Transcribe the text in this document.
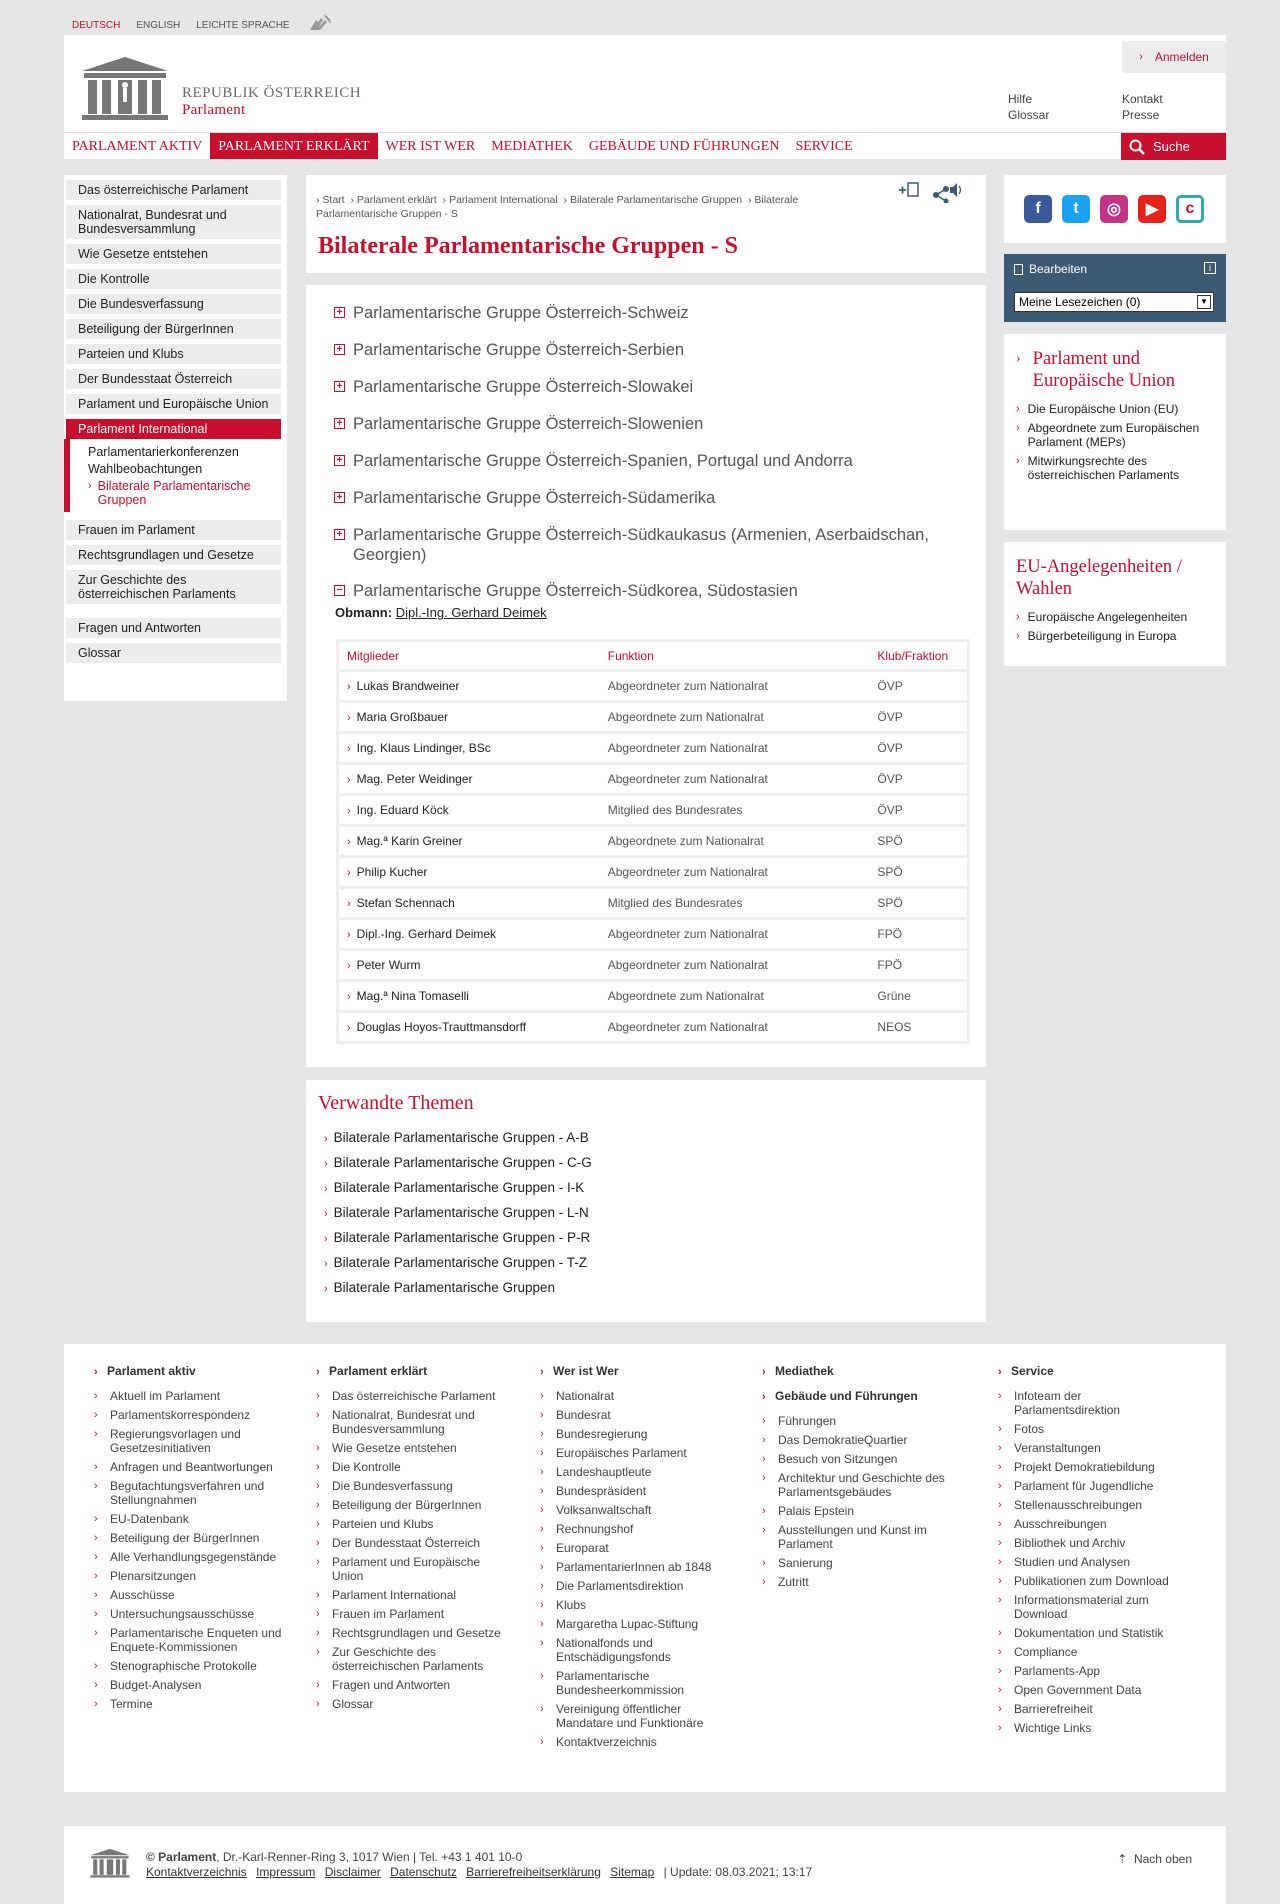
DEUTSCH ENGLISH LEICHTE SPRACHE
REPUBLIK ÖSTERREICH
Parlament
› Anmelden
Hilfe	Kontakt
Glossar	Presse
PARLAMENT AKTIV	PARLAMENT ERKLÄRT	WER IST WER	MEDIATHEK	GEBÄUDE UND FÜHRUNGEN	SERVICE	Suche
Das österreichische Parlament
Nationalrat, Bundesrat und Bundesversammlung
Wie Gesetze entstehen
Die Kontrolle
Die Bundesverfassung
Beteiligung der BürgerInnen
Parteien und Klubs
Der Bundesstaat Österreich
Parlament und Europäische Union
Parlament International
Parlamentarierkonferenzen
Wahlbeobachtungen
› Bilaterale Parlamentarische Gruppen
Frauen im Parlament
Rechtsgrundlagen und Gesetze
Zur Geschichte des österreichischen Parlaments
Fragen und Antworten
Glossar
› Start › Parlament erklärt › Parlament International › Bilaterale Parlamentarische Gruppen › Bilaterale Parlamentarische Gruppen - S
Bilaterale Parlamentarische Gruppen - S
+ Parlamentarische Gruppe Österreich-Schweiz
+ Parlamentarische Gruppe Österreich-Serbien
+ Parlamentarische Gruppe Österreich-Slowakei
+ Parlamentarische Gruppe Österreich-Slowenien
+ Parlamentarische Gruppe Österreich-Spanien, Portugal und Andorra
+ Parlamentarische Gruppe Österreich-Südamerika
+ Parlamentarische Gruppe Österreich-Südkaukasus (Armenien, Aserbaidschan, Georgien)
− Parlamentarische Gruppe Österreich-Südkorea, Südostasien
Obmann: Dipl.-Ing. Gerhard Deimek
Mitglieder	Funktion	Klub/Fraktion
› Lukas Brandweiner	Abgeordneter zum Nationalrat	ÖVP
› Maria Großbauer	Abgeordnete zum Nationalrat	ÖVP
› Ing. Klaus Lindinger, BSc	Abgeordneter zum Nationalrat	ÖVP
› Mag. Peter Weidinger	Abgeordneter zum Nationalrat	ÖVP
› Ing. Eduard Köck	Mitglied des Bundesrates	ÖVP
› Mag.ª Karin Greiner	Abgeordnete zum Nationalrat	SPÖ
› Philip Kucher	Abgeordneter zum Nationalrat	SPÖ
› Stefan Schennach	Mitglied des Bundesrates	SPÖ
› Dipl.-Ing. Gerhard Deimek	Abgeordneter zum Nationalrat	FPÖ
› Peter Wurm	Abgeordneter zum Nationalrat	FPÖ
› Mag.ª Nina Tomaselli	Abgeordnete zum Nationalrat	Grüne
› Douglas Hoyos-Trauttmansdorff	Abgeordneter zum Nationalrat	NEOS
Verwandte Themen
› Bilaterale Parlamentarische Gruppen - A-B
› Bilaterale Parlamentarische Gruppen - C-G
› Bilaterale Parlamentarische Gruppen - I-K
› Bilaterale Parlamentarische Gruppen - L-N
› Bilaterale Parlamentarische Gruppen - P-R
› Bilaterale Parlamentarische Gruppen - T-Z
› Bilaterale Parlamentarische Gruppen
f	t	◎	▶	c
Bearbeiten	i
Meine Lesezeichen (0)	▼
› Parlament und Europäische Union
› Die Europäische Union (EU)
› Abgeordnete zum Europäischen Parlament (MEPs)
› Mitwirkungsrechte des österreichischen Parlaments
EU-Angelegenheiten / Wahlen
› Europäische Angelegenheiten
› Bürgerbeteiligung in Europa
› Parlament aktiv
›	Aktuell im Parlament
›	Parlamentskorrespondenz
›	Regierungsvorlagen und Gesetzesinitiativen
›	Anfragen und Beantwortungen
›	Begutachtungsverfahren und Stellungnahmen
›	EU-Datenbank
›	Beteiligung der BürgerInnen
›	Alle Verhandlungsgegenstände
›	Plenarsitzungen
›	Ausschüsse
›	Untersuchungsausschüsse
›	Parlamentarische Enqueten und Enquete-Kommissionen
›	Stenographische Protokolle
›	Budget-Analysen
›	Termine
› Parlament erklärt
›	Das österreichische Parlament
›	Nationalrat, Bundesrat und Bundesversammlung
›	Wie Gesetze entstehen
›	Die Kontrolle
›	Die Bundesverfassung
›	Beteiligung der BürgerInnen
›	Parteien und Klubs
›	Der Bundesstaat Österreich
›	Parlament und Europäische Union
›	Parlament International
›	Frauen im Parlament
›	Rechtsgrundlagen und Gesetze
›	Zur Geschichte des österreichischen Parlaments
›	Fragen und Antworten
›	Glossar
› Wer ist Wer
›	Nationalrat
›	Bundesrat
›	Bundesregierung
›	Europäisches Parlament
›	Landeshauptleute
›	Bundespräsident
›	Volksanwaltschaft
›	Rechnungshof
›	Europarat
›	ParlamentarierInnen ab 1848
›	Die Parlamentsdirektion
›	Klubs
›	Margaretha Lupac-Stiftung
›	Nationalfonds und Entschädigungsfonds
›	Parlamentarische Bundesheerkommission
›	Vereinigung öffentlicher Mandatare und Funktionäre
›	Kontaktverzeichnis
› Mediathek
› Gebäude und Führungen
›	Führungen
›	Das DemokratieQuartier
›	Besuch von Sitzungen
›	Architektur und Geschichte des Parlamentsgebäudes
›	Palais Epstein
›	Ausstellungen und Kunst im Parlament
›	Sanierung
›	Zutritt
› Service
›	Infoteam der Parlamentsdirektion
›	Fotos
›	Veranstaltungen
›	Projekt Demokratiebildung
›	Parlament für Jugendliche
›	Stellenausschreibungen
›	Ausschreibungen
›	Bibliothek und Archiv
›	Studien und Analysen
›	Publikationen zum Download
›	Informationsmaterial zum Download
›	Dokumentation und Statistik
›	Compliance
›	Parlaments-App
›	Open Government Data
›	Barrierefreiheit
›	Wichtige Links
© Parlament, Dr.-Karl-Renner-Ring 3, 1017 Wien | Tel. +43 1 401 10-0
Kontaktverzeichnis Impressum Disclaimer Datenschutz Barrierefreiheitserklärung Sitemap | Update: 08.03.2021; 13:17
⇡ Nach oben
